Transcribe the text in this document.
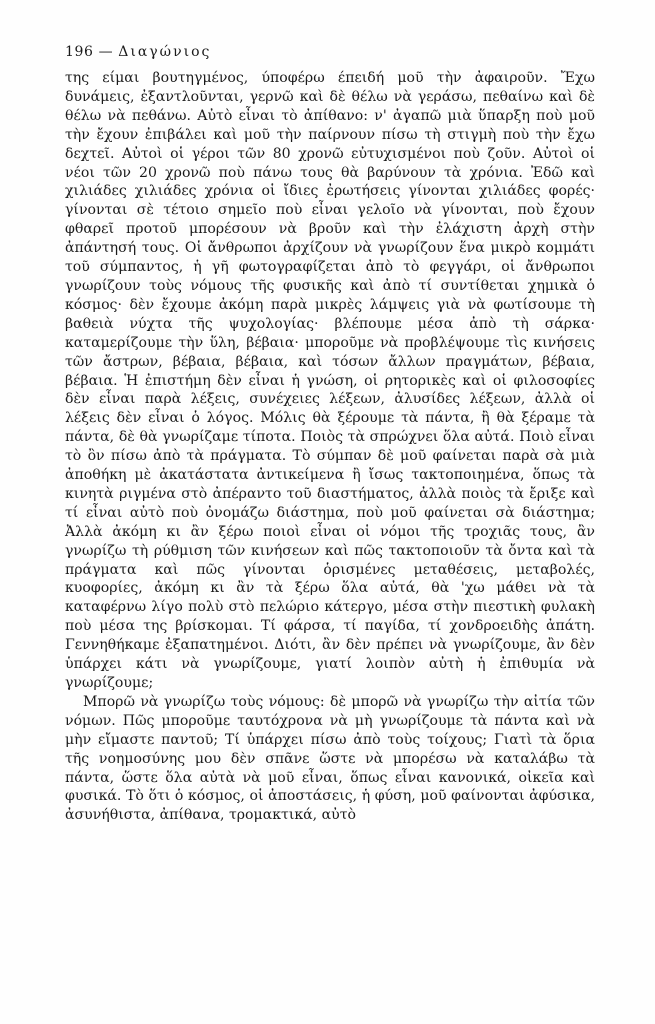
196 — Διαγώνιος

της είμαι βουτηγμένος, ύποφέρω έπειδή μοῦ τὴν ἀφαιροῦν. Ἔχω δυνάμεις, ἐξαντλοῦνται, γερνῶ καὶ δὲ θέλω νὰ γεράσω, πεθαίνω καὶ δὲ θέλω νὰ πεθάνω. Αὐτὸ εἶναι τὸ ἀπίθανο: ν' ἀγαπῶ μιὰ ὕπαρξη ποὺ μοῦ τὴν ἔχουν ἐπιβάλει καὶ μοῦ τὴν παίρνουν πίσω τὴ στιγμὴ ποὺ τὴν ἔχω δεχτεῖ. Αὐτοὶ οἱ γέροι τῶν 80 χρονῶ εὐτυχισμένοι ποὺ ζοῦν. Αὐτοὶ οἱ νέοι τῶν 20 χρονῶ ποὺ πάνω τους θὰ βαρύνουν τὰ χρόνια. Ἐδῶ καὶ χιλιάδες χιλιάδες χρόνια οἱ ἴδιες ἐρωτήσεις γίνονται χιλιάδες φορές· γίνονται σὲ τέτοιο σημεῖο ποὺ εἶναι γελοῖο νὰ γίνονται, ποὺ ἔχουν φθαρεῖ προτοῦ μπορέσουν νὰ βροῦν καὶ τὴν ἐλάχιστη ἀρχὴ στὴν ἀπάντησή τους. Οἱ ἄνθρωποι ἀρχίζουν νὰ γνωρίζουν ἕνα μικρὸ κομμάτι τοῦ σύμπαντος, ἡ γῆ φωτογραφίζεται ἀπὸ τὸ φεγγάρι, οἱ ἄνθρωποι γνωρίζουν τοὺς νόμους τῆς φυσικῆς καὶ ἀπὸ τί συντίθεται χημικὰ ὁ κόσμος· δὲν ἔχουμε ἀκόμη παρὰ μικρὲς λάμψεις γιὰ νὰ φωτίσουμε τὴ βαθειὰ νύχτα τῆς ψυχολογίας· βλέπουμε μέσα ἀπὸ τὴ σάρκα· καταμερίζουμε τὴν ὕλη, βέβαια· μποροῦμε νὰ προβλέψουμε τὶς κινήσεις τῶν ἄστρων, βέβαια, βέβαια, καὶ τόσων ἄλλων πραγμάτων, βέβαια, βέβαια. Ἡ ἐπιστήμη δὲν εἶναι ἡ γνώση, οἱ ρητορικὲς καὶ οἱ φιλοσοφίες δὲν εἶναι παρὰ λέξεις, συνέχειες λέξεων, ἀλυσίδες λέξεων, ἀλλὰ οἱ λέξεις δὲν εἶναι ὁ λόγος. Μόλις θὰ ξέρουμε τὰ πάντα, ἢ θὰ ξέραμε τὰ πάντα, δὲ θὰ γνωρίζαμε τίποτα. Ποιὸς τὰ σπρώχνει ὅλα αὐτά. Ποιὸ εἶναι τὸ ὂν πίσω ἀπὸ τὰ πράγματα. Τὸ σύμπαν δὲ μοῦ φαίνεται παρὰ σὰ μιὰ ἀποθήκη μὲ ἀκατάστατα ἀντικείμενα ἢ ἴσως τακτοποιημένα, ὅπως τὰ κινητὰ ριγμένα στὸ ἀπέραντο τοῦ διαστήματος, ἀλλὰ ποιὸς τὰ ἔριξε καὶ τί εἶναι αὐτὸ ποὺ ὀνομάζω διάστημα, ποὺ μοῦ φαίνεται σὰ διάστημα; Ἀλλὰ ἀκόμη κι ἂν ξέρω ποιοὶ εἶναι οἱ νόμοι τῆς τροχιᾶς τους, ἂν γνωρίζω τὴ ρύθμιση τῶν κινήσεων καὶ πῶς τακτοποιοῦν τὰ ὄντα καὶ τὰ πράγματα καὶ πῶς γίνονται ὁρισμένες μεταθέσεις, μεταβολές, κυοφορίες, ἀκόμη κι ἂν τὰ ξέρω ὅλα αὐτά, θὰ 'χω μάθει νὰ τὰ καταφέρνω λίγο πολὺ στὸ πελώριο κάτεργο, μέσα στὴν πιεστικὴ φυλακὴ ποὺ μέσα της βρίσκομαι. Τί φάρσα, τί παγίδα, τί χονδροειδὴς ἀπάτη. Γεννηθήκαμε ἐξαπατημένοι. Διότι, ἂν δὲν πρέπει νὰ γνωρίζουμε, ἂν δὲν ὑπάρχει κάτι νὰ γνωρίζουμε, γιατί λοιπὸν αὐτὴ ἡ ἐπιθυμία νὰ γνωρίζουμε;

Μπορῶ νὰ γνωρίζω τοὺς νόμους: δὲ μπορῶ νὰ γνωρίζω τὴν αἰτία τῶν νόμων. Πῶς μποροῦμε ταυτόχρονα νὰ μὴ γνωρίζουμε τὰ πάντα καὶ νὰ μὴν εἴμαστε παντοῦ; Τί ὑπάρχει πίσω ἀπὸ τοὺς τοίχους; Γιατὶ τὰ ὅρια τῆς νοημοσύνης μου δὲν σπᾶνε ὥστε νὰ μπορέσω νὰ καταλάβω τὰ πάντα, ὥστε ὅλα αὐτὰ νὰ μοῦ εἶναι, ὅπως εἶναι κανονικά, οἰκεῖα καὶ φυσικά. Τὸ ὅτι ὁ κόσμος, οἱ ἀποστάσεις, ἡ φύση, μοῦ φαίνονται ἀφύσικα, ἀσυνήθιστα, ἀπίθανα, τρομακτικά, αὐτὸ
